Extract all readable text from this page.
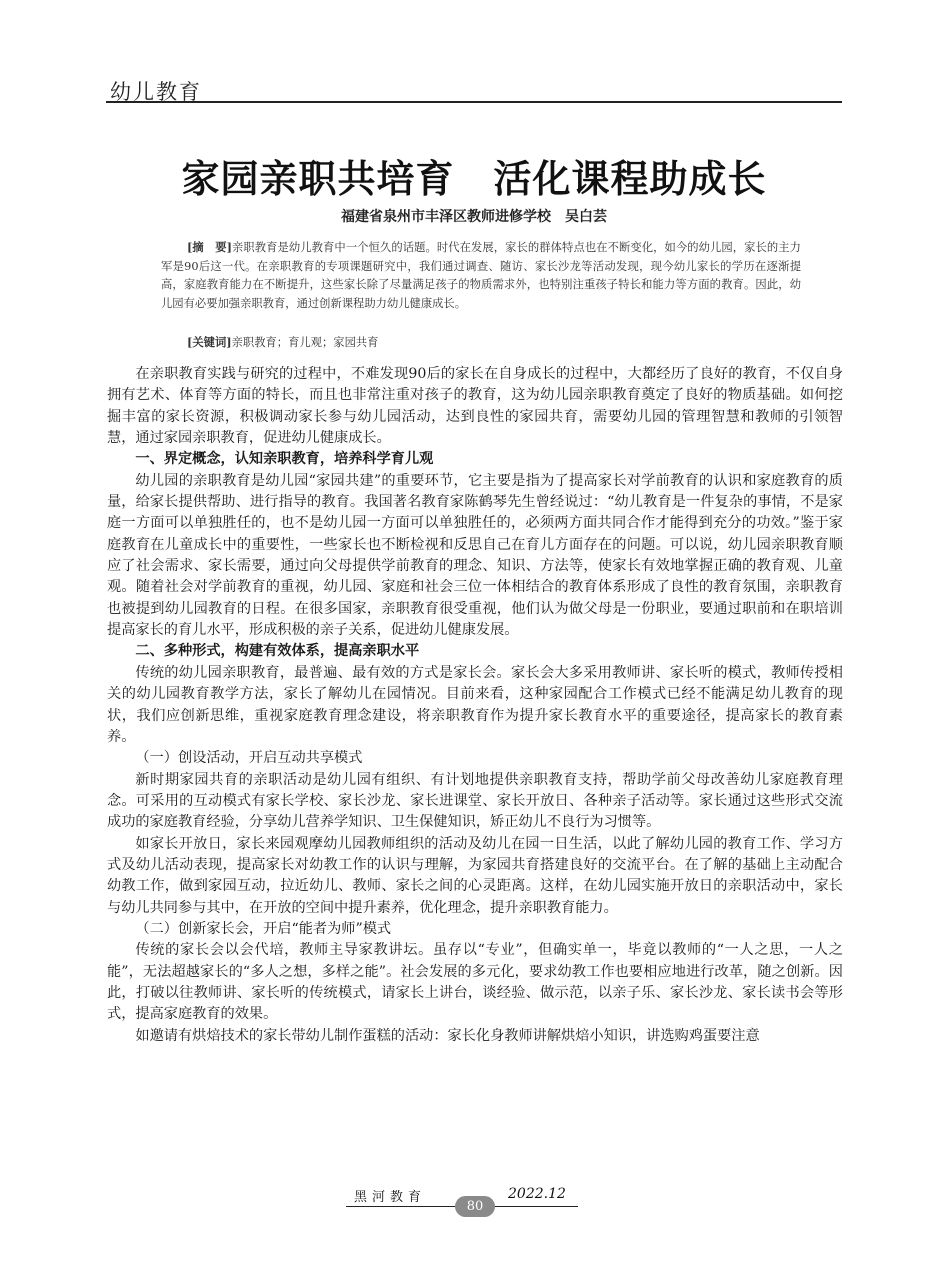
幼儿教育
家园亲职共培育　活化课程助成长
福建省泉州市丰泽区教师进修学校　吴白芸
[摘　要]亲职教育是幼儿教育中一个恒久的话题。时代在发展，家长的群体特点也在不断变化，如今的幼儿园，家长的主力军是90后这一代。在亲职教育的专项课题研究中，我们通过调查、随访、家长沙龙等活动发现，现今幼儿家长的学历在逐渐提高，家庭教育能力在不断提升，这些家长除了尽量满足孩子的物质需求外，也特别注重孩子特长和能力等方面的教育。因此，幼儿园有必要加强亲职教育，通过创新课程助力幼儿健康成长。
[关键词]亲职教育；育儿观；家园共育

在亲职教育实践与研究的过程中，不难发现90后的家长在自身成长的过程中，大都经历了良好的教育，不仅自身拥有艺术、体育等方面的特长，而且也非常注重对孩子的教育，这为幼儿园亲职教育奠定了良好的物质基础。如何挖掘丰富的家长资源，积极调动家长参与幼儿园活动，达到良性的家园共育，需要幼儿园的管理智慧和教师的引领智慧，通过家园亲职教育，促进幼儿健康成长。

一、界定概念，认知亲职教育，培养科学育儿观

幼儿园的亲职教育是幼儿园“家园共建”的重要环节，它主要是指为了提高家长对学前教育的认识和家庭教育的质量，给家长提供帮助、进行指导的教育。我国著名教育家陈鹤琴先生曾经说过：“幼儿教育是一件复杂的事情，不是家庭一方面可以单独胜任的，也不是幼儿园一方面可以单独胜任的，必须两方面共同合作才能得到充分的功效。”鉴于家庭教育在儿童成长中的重要性，一些家长也不断检视和反思自己在育儿方面存在的问题。可以说，幼儿园亲职教育顺应了社会需求、家长需要，通过向父母提供学前教育的理念、知识、方法等，使家长有效地掌握正确的教育观、儿童观。随着社会对学前教育的重视，幼儿园、家庭和社会三位一体相结合的教育体系形成了良性的教育氛围，亲职教育也被提到幼儿园教育的日程。在很多国家，亲职教育很受重视，他们认为做父母是一份职业，要通过职前和在职培训提高家长的育儿水平，形成积极的亲子关系，促进幼儿健康发展。

二、多种形式，构建有效体系，提高亲职水平

传统的幼儿园亲职教育，最普遍、最有效的方式是家长会。家长会大多采用教师讲、家长听的模式，教师传授相关的幼儿园教育教学方法，家长了解幼儿在园情况。目前来看，这种家园配合工作模式已经不能满足幼儿教育的现状，我们应创新思维，重视家庭教育理念建设，将亲职教育作为提升家长教育水平的重要途径，提高家长的教育素养。

（一）创设活动，开启互动共享模式

新时期家园共育的亲职活动是幼儿园有组织、有计划地提供亲职教育支持，帮助学前父母改善幼儿家庭教育理念。可采用的互动模式有家长学校、家长沙龙、家长进课堂、家长开放日、各种亲子活动等。家长通过这些形式交流成功的家庭教育经验，分享幼儿营养学知识、卫生保健知识，矫正幼儿不良行为习惯等。

如家长开放日，家长来园观摩幼儿园教师组织的活动及幼儿在园一日生活，以此了解幼儿园的教育工作、学习方式及幼儿活动表现，提高家长对幼教工作的认识与理解，为家园共育搭建良好的交流平台。在了解的基础上主动配合幼教工作，做到家园互动，拉近幼儿、教师、家长之间的心灵距离。这样，在幼儿园实施开放日的亲职活动中，家长与幼儿共同参与其中，在开放的空间中提升素养，优化理念，提升亲职教育能力。

（二）创新家长会，开启“能者为师”模式

传统的家长会以会代培，教师主导家教讲坛。虽存以“专业”，但确实单一，毕竟以教师的“一人之思，一人之能”，无法超越家长的“多人之想，多样之能”。社会发展的多元化，要求幼教工作也要相应地进行改革，随之创新。因此，打破以往教师讲、家长听的传统模式，请家长上讲台，谈经验、做示范，以亲子乐、家长沙龙、家长读书会等形式，提高家庭教育的效果。

如邀请有烘焙技术的家长带幼儿制作蛋糕的活动：家长化身教师讲解烘焙小知识，讲选购鸡蛋要注意

黑河教育
80
2022.12
